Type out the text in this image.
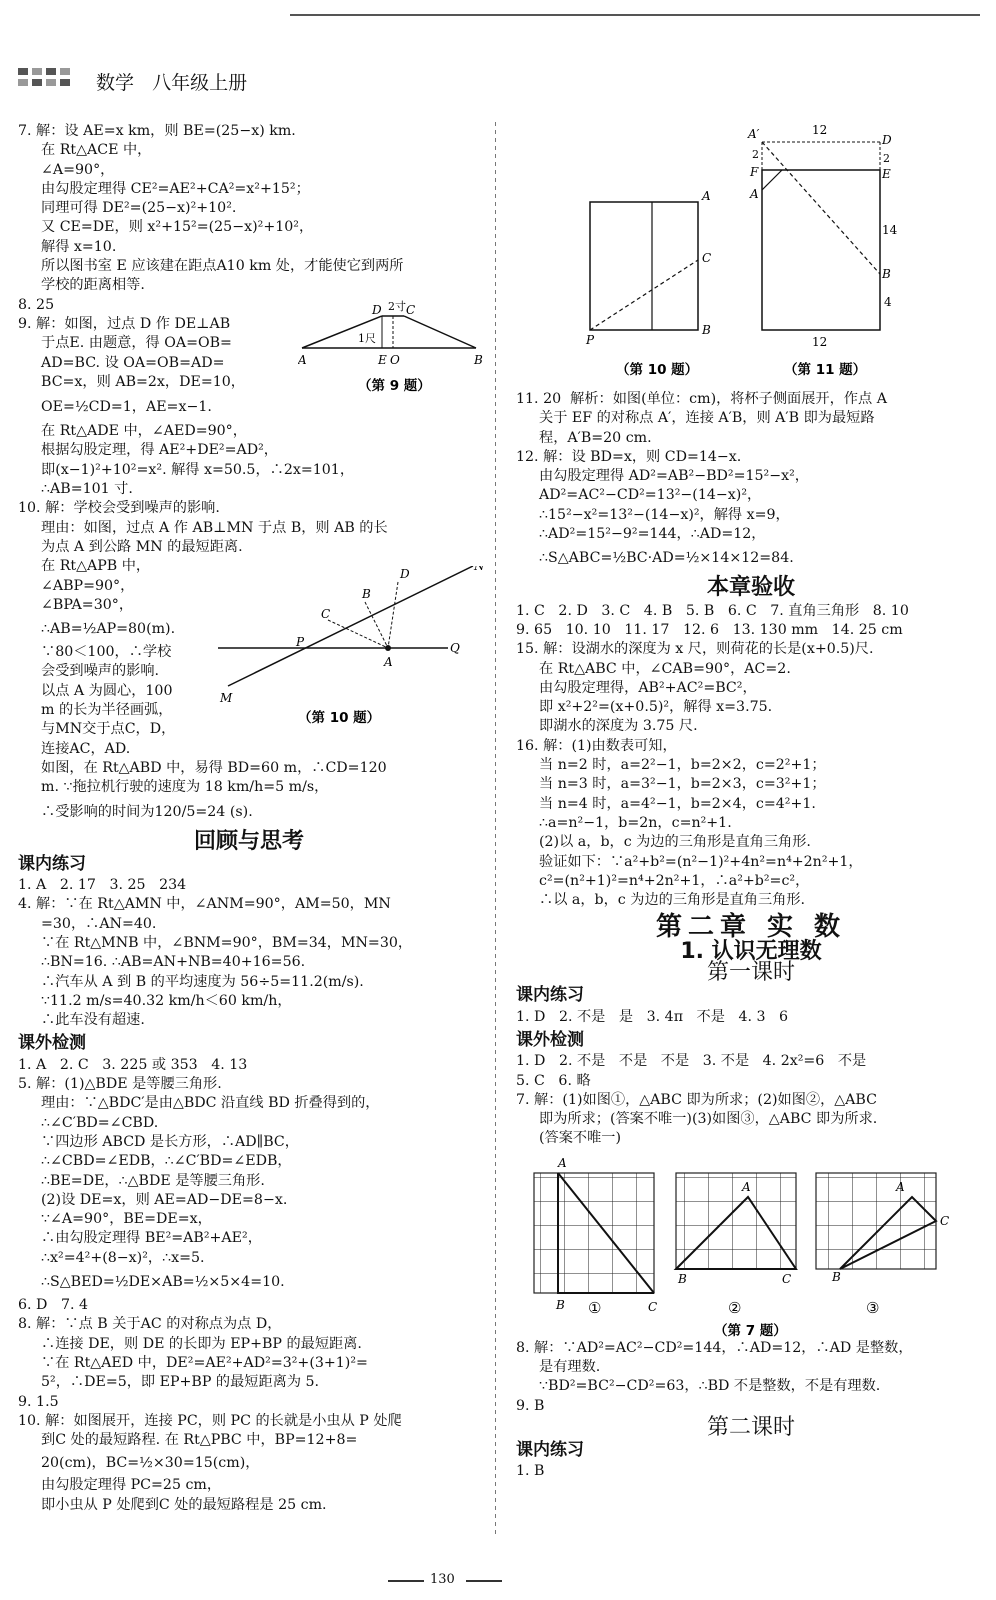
数学 八年级上册

7. 解：设 AE=x km，则 BE=(25−x) km.

在 Rt△ACE 中，

∠A=90°，

由勾股定理得 CE²=AE²+CA²=x²+15²；

同理可得 DE²=(25−x)²+10².

又 CE=DE，则 x²+15²=(25−x)²+10²，

解得 x=10.

所以图书室 E 应该建在距点A10 km 处，才能使它到两所

学校的距离相等.

8. 25

9. 解：如图，过点 D 作 DE⊥AB

于点E. 由题意，得 OA=OB=

AD=BC. 设 OA=OB=AD=

BC=x，则 AB=2x，DE=10，

OE=½CD=1，AE=x−1.

在 Rt△ADE 中，∠AED=90°，

根据勾股定理，得 AE²+DE²=AD²，

即(x−1)²+10²=x². 解得 x=50.5，∴2x=101，

∴AB=101 寸.

10. 解：学校会受到噪声的影响.

理由：如图，过点 A 作 AB⊥MN 于点 B，则 AB 的长

为点 A 到公路 MN 的最短距离.

在 Rt△APB 中，

∠ABP=90°，

∠BPA=30°，

∴AB=½AP=80(m).

∵80＜100，∴学校

会受到噪声的影响.

以点 A 为圆心，100

m 的长为半径画弧，

与MN交于点C，D，

连接AC，AD.

如图，在 Rt△ABD 中，易得 BD=60 m，∴CD=120

m. ∵拖拉机行驶的速度为 18 km/h=5 m/s，

∴受影响的时间为120/5=24 (s).

回顾与思考
课内练习

1. A   2. 17   3. 25   234

4. 解：∵在 Rt△AMN 中，∠ANM=90°，AM=50，MN

=30，∴AN=40.

∵在 Rt△MNB 中，∠BNM=90°，BM=34，MN=30，

∴BN=16. ∴AB=AN+NB=40+16=56.

∴汽车从 A 到 B 的平均速度为 56÷5=11.2(m/s).

∵11.2 m/s=40.32 km/h＜60 km/h，

∴此车没有超速.

课外检测

1. A   2. C   3. 225 或 353   4. 13

5. 解：(1)△BDE 是等腰三角形.

理由：∵△BDC′是由△BDC 沿直线 BD 折叠得到的，

∴∠C′BD=∠CBD.

∵四边形 ABCD 是长方形，∴AD∥BC，

∴∠CBD=∠EDB，∴∠C′BD=∠EDB，

∴BE=DE，∴△BDE 是等腰三角形.

(2)设 DE=x，则 AE=AD−DE=8−x.

∵∠A=90°，BE=DE=x，

∴由勾股定理得 BE²=AB²+AE²，

∴x²=4²+(8−x)²，∴x=5.

∴S△BED=½DE×AB=½×5×4=10.

6. D   7. 4

8. 解：∵点 B 关于AC 的对称点为点 D，

∴连接 DE，则 DE 的长即为 EP+BP 的最短距离.

∵在 Rt△AED 中，DE²=AE²+AD²=3²+(3+1)²=

5²，∴DE=5，即 EP+BP 的最短距离为 5.

9. 1.5

10. 解：如图展开，连接 PC，则 PC 的长就是小虫从 P 处爬

到C 处的最短路程. 在 Rt△PBC 中，BP=12+8=

20(cm)，BC=½×30=15(cm)，

由勾股定理得 PC=25 cm，

即小虫从 P 处爬到C 处的最短路程是 25 cm.

2寸
D C
1尺
A	E O	B
（第 9 题）
N
D
B
C
P
A
Q
M
（第 10 题）
A
C
P
B
（第 10 题）
A′	12
D
2	2
F	E
A
14
B
4
12
（第 11 题）

11. 20  解析：如图(单位：cm)，将杯子侧面展开，作点 A

关于 EF 的对称点 A′，连接 A′B，则 A′B 即为最短路

程，A′B=20 cm.

12. 解：设 BD=x，则 CD=14−x.

由勾股定理得 AD²=AB²−BD²=15²−x²，

AD²=AC²−CD²=13²−(14−x)²，

∴15²−x²=13²−(14−x)²，解得 x=9，

∴AD²=15²−9²=144，∴AD=12，

∴S△ABC=½BC·AD=½×14×12=84.

本章验收

1. C   2. D   3. C   4. B   5. B   6. C   7. 直角三角形   8. 10

9. 65   10. 10   11. 17   12. 6   13. 130 mm   14. 25 cm

15. 解：设湖水的深度为 x 尺，则荷花的长是(x+0.5)尺.

在 Rt△ABC 中，∠CAB=90°，AC=2.

由勾股定理得，AB²+AC²=BC²，

即 x²+2²=(x+0.5)²，解得 x=3.75.

即湖水的深度为 3.75 尺.

16. 解：(1)由数表可知，

当 n=2 时，a=2²−1，b=2×2，c=2²+1；

当 n=3 时，a=3²−1，b=2×3，c=3²+1；

当 n=4 时，a=4²−1，b=2×4，c=4²+1.

∴a=n²−1，b=2n，c=n²+1.

(2)以 a，b，c 为边的三角形是直角三角形.

验证如下：∵a²+b²=(n²−1)²+4n²=n⁴+2n²+1，

c²=(n²+1)²=n⁴+2n²+1，∴a²+b²=c²，

∴以 a，b，c 为边的三角形是直角三角形.

第二章 实 数
1. 认识无理数
第一课时
课内练习

1. D   2. 不是   是   3. 4π   不是   4. 3   6

课外检测

1. D   2. 不是   不是   不是   3. 不是   4. 2x²=6   不是

5. C   6. 略

7. 解：(1)如图①，△ABC 即为所求；(2)如图②，△ABC

即为所求；(答案不唯一)(3)如图③，△ABC 即为所求.

(答案不唯一)

A
B	C
①
A
B	C
②
A
B
C
③
（第 7 题）

8. 解：∵AD²=AC²−CD²=144，∴AD=12，∴AD 是整数，

是有理数.

∵BD²=BC²−CD²=63，∴BD 不是整数，不是有理数.

9. B

第二课时
课内练习

1. B

130
